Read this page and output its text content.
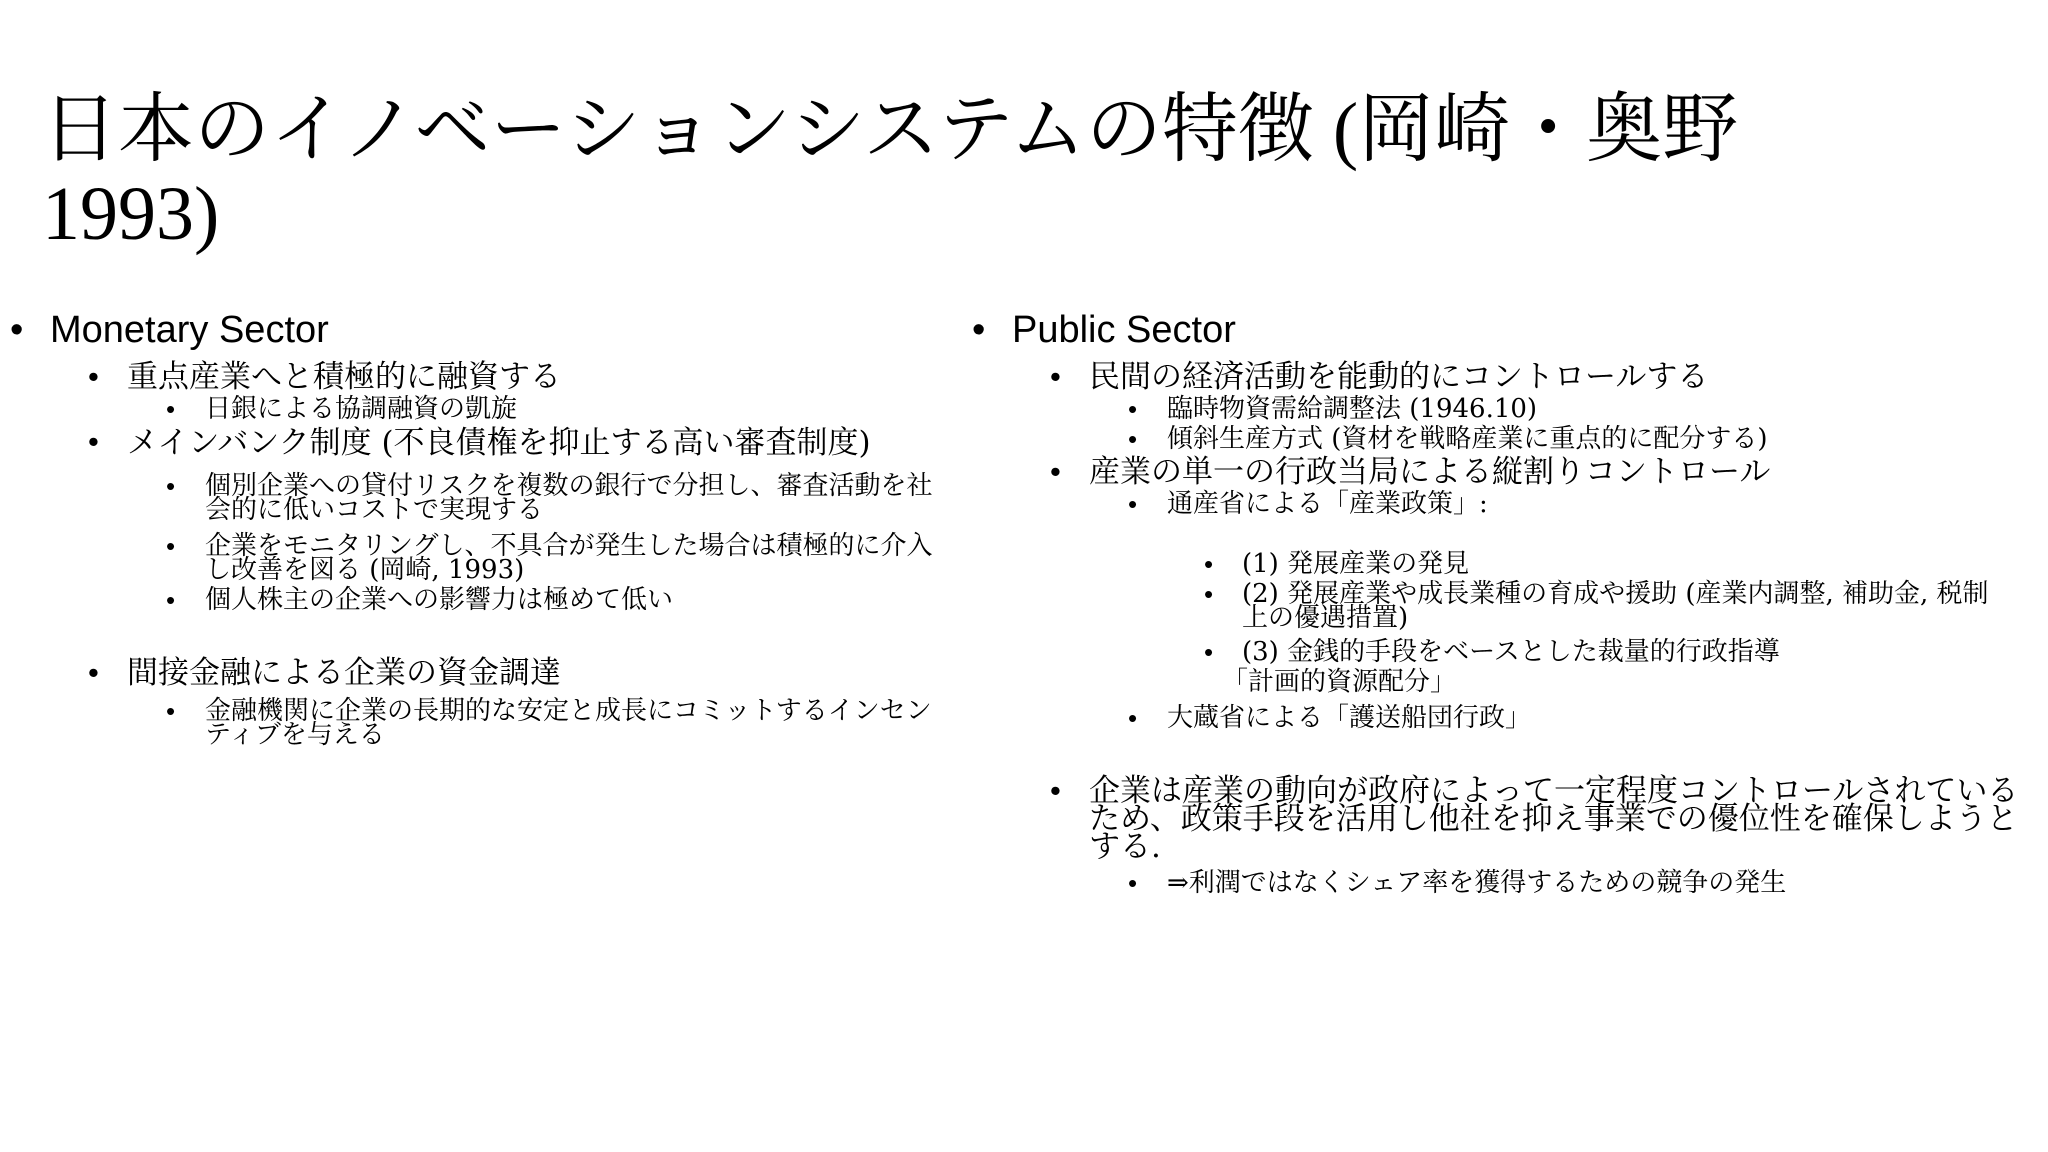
日本のイノベーションシステムの特徴 (岡崎・奥野
1993)
• Monetary Sector
• 重点産業へと積極的に融資する
• 日銀による協調融資の凱旋
• メインバンク制度 (不良債権を抑止する高い審査制度)
• 個別企業への貸付リスクを複数の銀行で分担し、審査活動を社会的に低いコストで実現する
• 企業をモニタリングし、不具合が発生した場合は積極的に介入し改善を図る (岡崎, 1993)
• 個人株主の企業への影響力は極めて低い
• 間接金融による企業の資金調達
• 金融機関に企業の長期的な安定と成長にコミットするインセンティブを与える
• Public Sector
• 民間の経済活動を能動的にコントロールする
• 臨時物資需給調整法 (1946.10)
• 傾斜生産方式 (資材を戦略産業に重点的に配分する)
• 産業の単一の行政当局による縦割りコントロール
• 通産省による「産業政策」:
• (1) 発展産業の発見
• (2) 発展産業や成長業種の育成や援助 (産業内調整, 補助金, 税制上の優遇措置)
• (3) 金銭的手段をベースとした裁量的行政指導
「計画的資源配分」
• 大蔵省による「護送船団行政」
• 企業は産業の動向が政府によって一定程度コントロールされているため、政策手段を活用し他社を抑え事業での優位性を確保しようとする.
• ⇒利潤ではなくシェア率を獲得するための競争の発生
